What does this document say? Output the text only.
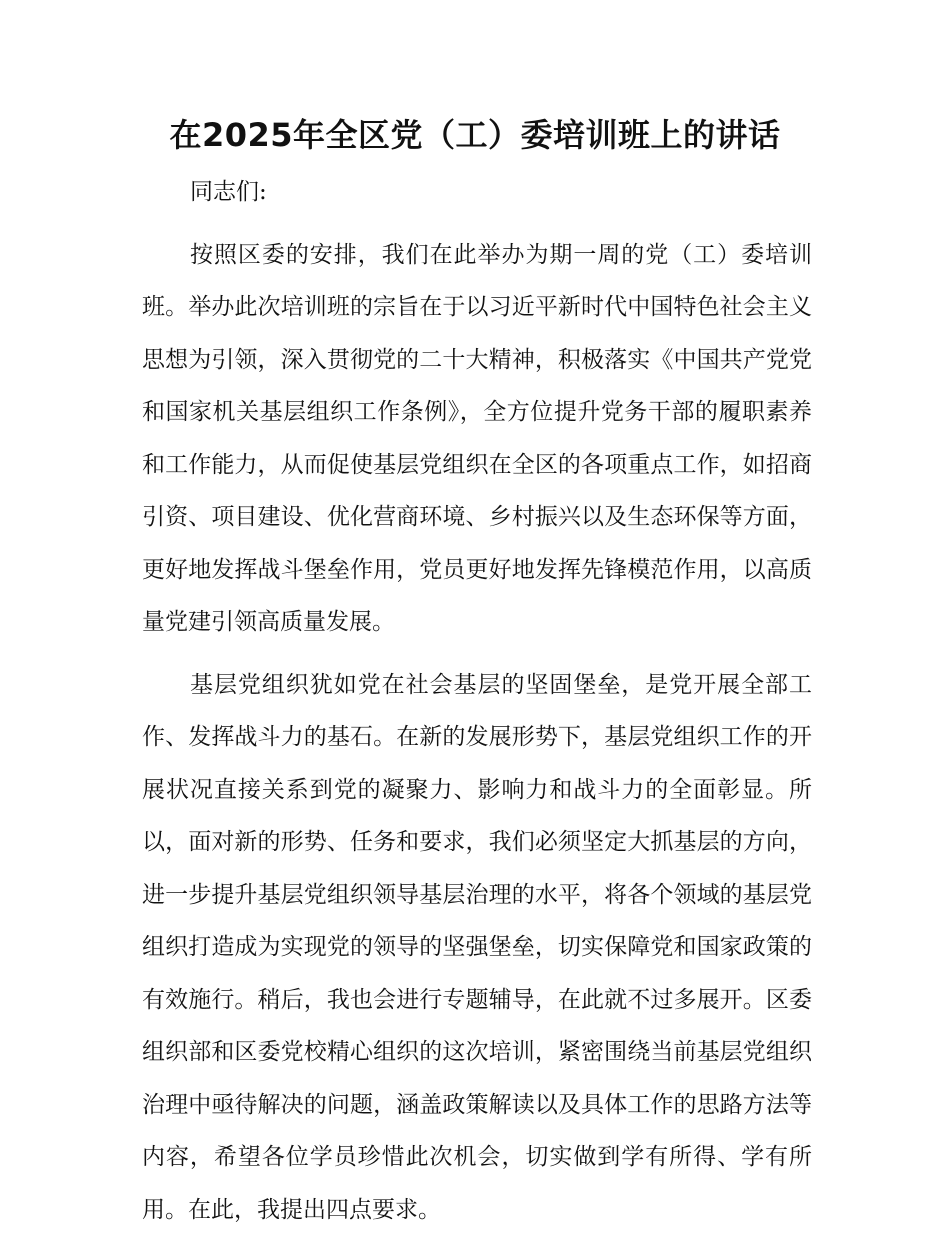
在2025年全区党（工）委培训班上的讲话

同志们:

按照区委的安排，我们在此举办为期一周的党（工）委培训班。举办此次培训班的宗旨在于以习近平新时代中国特色社会主义思想为引领，深入贯彻党的二十大精神，积极落实《中国共产党党和国家机关基层组织工作条例》，全方位提升党务干部的履职素养和工作能力，从而促使基层党组织在全区的各项重点工作，如招商引资、项目建设、优化营商环境、乡村振兴以及生态环保等方面，更好地发挥战斗堡垒作用，党员更好地发挥先锋模范作用，以高质量党建引领高质量发展。

基层党组织犹如党在社会基层的坚固堡垒，是党开展全部工作、发挥战斗力的基石。在新的发展形势下，基层党组织工作的开展状况直接关系到党的凝聚力、影响力和战斗力的全面彰显。所以，面对新的形势、任务和要求，我们必须坚定大抓基层的方向，进一步提升基层党组织领导基层治理的水平，将各个领域的基层党组织打造成为实现党的领导的坚强堡垒，切实保障党和国家政策的有效施行。稍后，我也会进行专题辅导，在此就不过多展开。区委组织部和区委党校精心组织的这次培训，紧密围绕当前基层党组织治理中亟待解决的问题，涵盖政策解读以及具体工作的思路方法等内容，希望各位学员珍惜此次机会，切实做到学有所得、学有所用。在此，我提出四点要求。
